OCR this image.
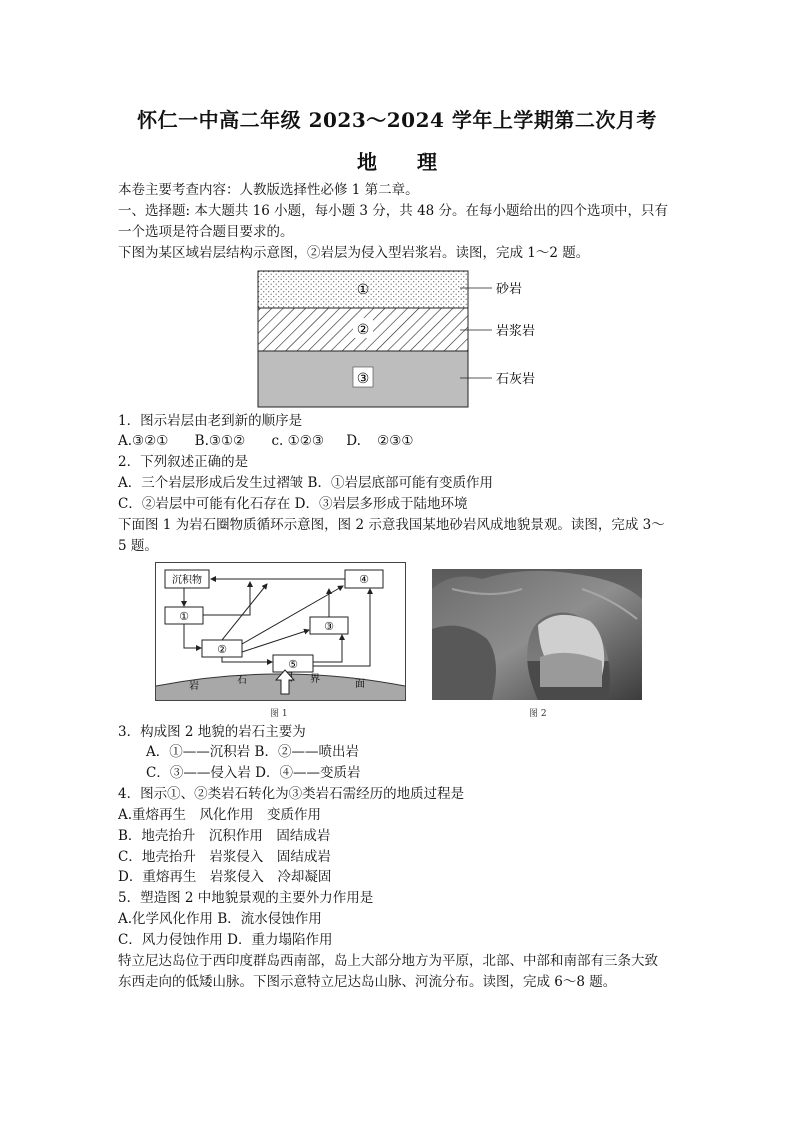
怀仁一中高二年级 2023～2024 学年上学期第二次月考
地 理
本卷主要考查内容：人教版选择性必修 1 第二章。
一、选择题: 本大题共 16 小题，每小题 3 分，共 48 分。在每小题给出的四个选项中，只有
一个选项是符合题目要求的。
下图为某区域岩层结构示意图，②岩层为侵入型岩浆岩。读图，完成 1～2 题。
①
②
③
砂岩
岩浆岩
石灰岩
1．图示岩层由老到新的顺序是
A.③②① B.③①② c. ①②③ D. ②③①
2．下列叙述正确的是
A．三个岩层形成后发生过褶皱 B．①岩层底部可能有变质作用
C．②岩层中可能有化石存在 D．③岩层多形成于陆地环境
下面图 1 为岩石圈物质循环示意图，图 2 示意我国某地砂岩风成地貌景观。读图，完成 3～
5 题。
岩
石	界	面
沉积物
①
②
③
④
⑤
图 1	图 2
3．构成图 2 地貌的岩石主要为
A．①——沉积岩 B．②——喷出岩
C．③——侵入岩 D．④——变质岩
4．图示①、②类岩石转化为③类岩石需经历的地质过程是
A.重熔再生　风化作用　变质作用
B．地壳抬升　沉积作用　固结成岩
C．地壳抬升　岩浆侵入　固结成岩
D．重熔再生　岩浆侵入　冷却凝固
5．塑造图 2 中地貌景观的主要外力作用是
A.化学风化作用 B．流水侵蚀作用
C．风力侵蚀作用 D．重力塌陷作用
特立尼达岛位于西印度群岛西南部，岛上大部分地方为平原，北部、中部和南部有三条大致
东西走向的低矮山脉。下图示意特立尼达岛山脉、河流分布。读图，完成 6～8 题。
